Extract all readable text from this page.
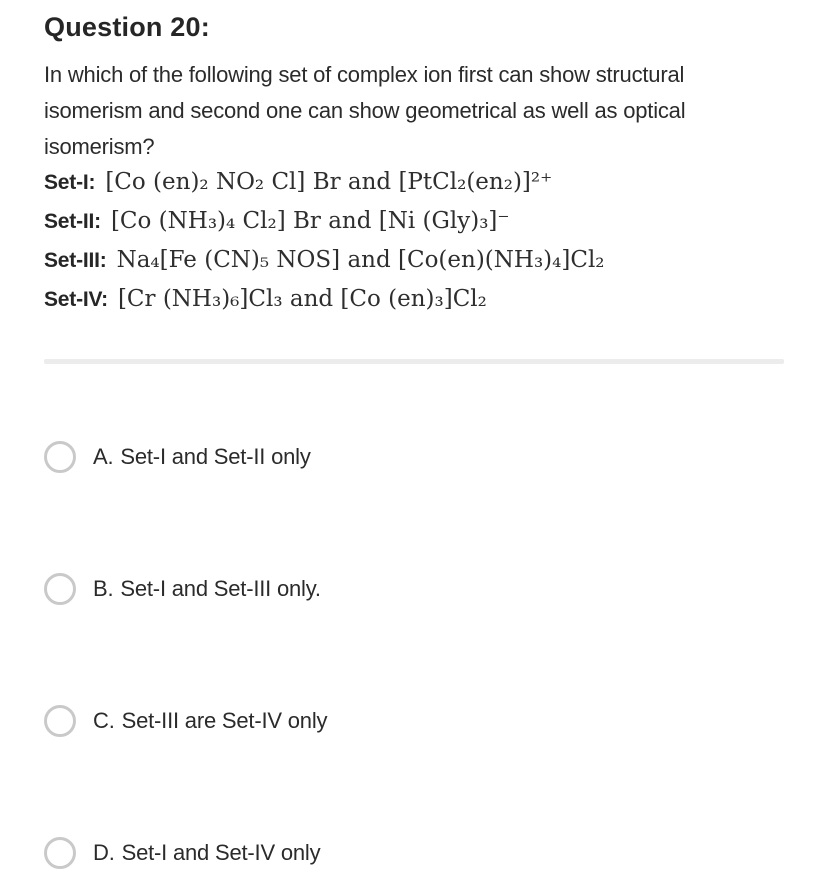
Question 20:
In which of the following set of complex ion first can show structural
isomerism and second one can show geometrical as well as optical
isomerism?
Set-I: [Co (en)₂ NO₂ Cl] Br and [PtCl₂(en₂)]²⁺
Set-II: [Co (NH₃)₄ Cl₂] Br and [Ni (Gly)₃]⁻
Set-III: Na₄[Fe (CN)₅ NOS] and [Co(en)(NH₃)₄]Cl₂
Set-IV: [Cr (NH₃)₆]Cl₃ and [Co (en)₃]Cl₂
A. Set-I and Set-II only
B. Set-I and Set-III only.
C. Set-III are Set-IV only
D. Set-I and Set-IV only
